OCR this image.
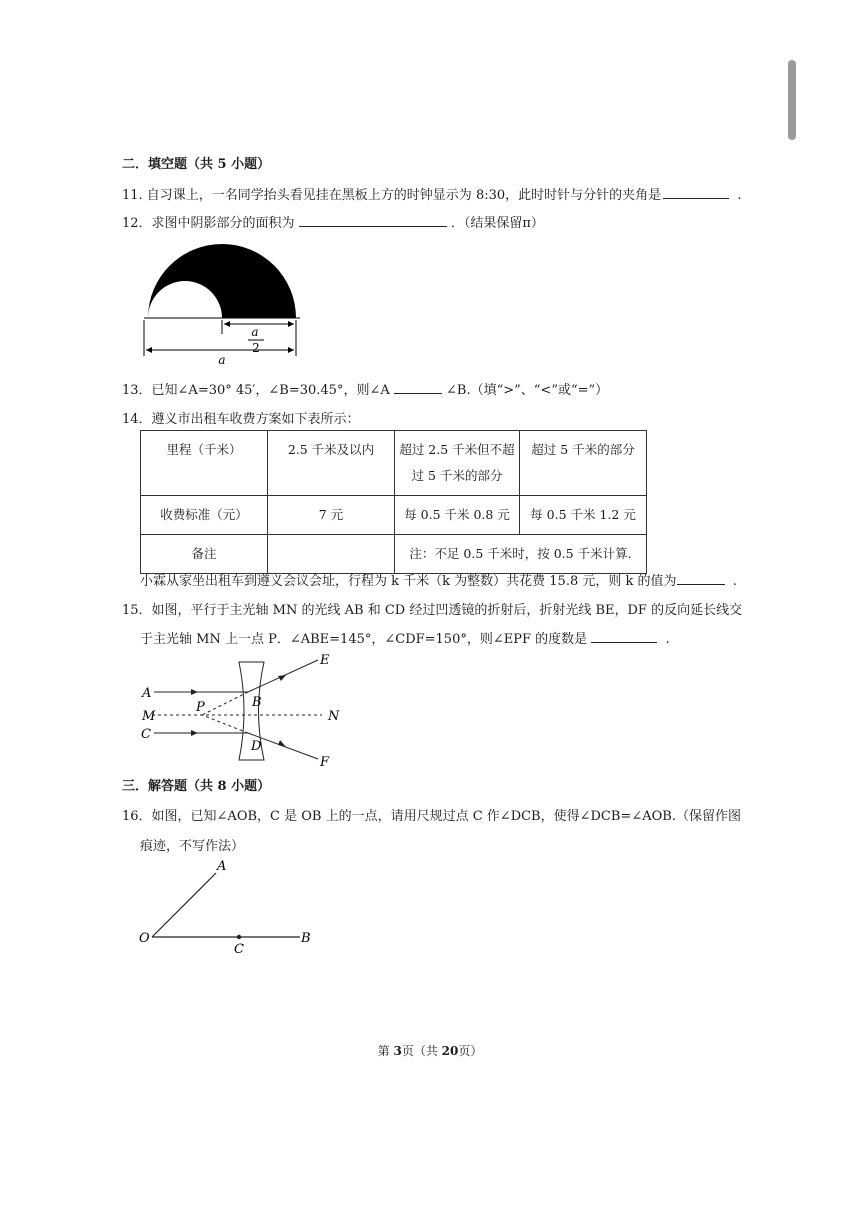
二．填空题（共 5 小题）
11. 自习课上，一名同学抬头看见挂在黑板上方的时钟显示为 8:30，此时时针与分针的夹角是	.
12．求图中阴影部分的面积为	．（结果保留π）
a
2
a
13．已知∠A=30° 45′，∠B=30.45°，则∠A	∠B.（填“>”、“<”或“=”）
14．遵义市出租车收费方案如下表所示：
里程（千米）	2.5 千米及以内	超过 2.5 千米但不超过 5 千米的部分	超过 5 千米的部分
收费标准（元）	7 元	每 0.5 千米 0.8 元	每 0.5 千米 1.2 元
备注		注：不足 0.5 千米时，按 0.5 千米计算.	
小霖从家坐出租车到遵义会议会址，行程为 k 千米（k 为整数）共花费 15.8 元，则 k 的值为	.
15．如图，平行于主光轴 MN 的光线 AB 和 CD 经过凹透镜的折射后，折射光线 BE，DF 的反向延长线交
于主光轴 MN 上一点 P．∠ABE=145°，∠CDF=150°，则∠EPF 的度数是	.
A
M
C
P	B
D
E
F
N
三．解答题（共 8 小题）
16．如图，已知∠AOB，C 是 OB 上的一点，请用尺规过点 C 作∠DCB，使得∠DCB=∠AOB.（保留作图
痕迹，不写作法）
A
O
C
B
第 3页（共 20页）
